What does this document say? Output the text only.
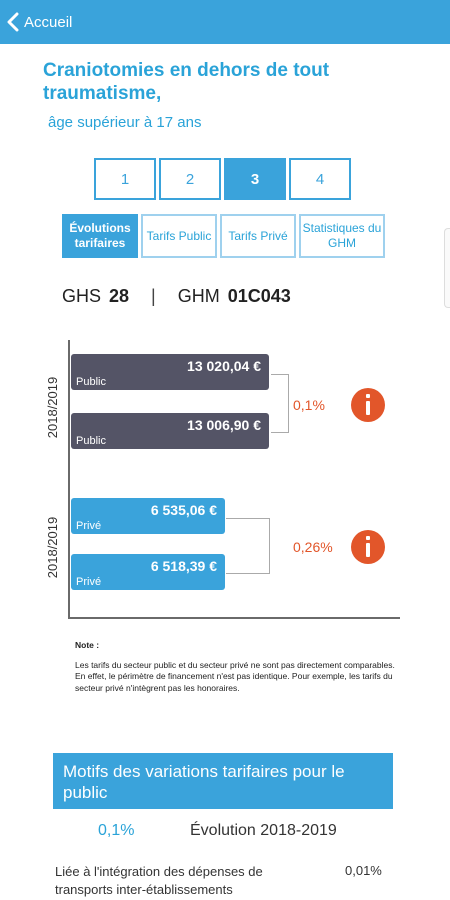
Accueil
Craniotomies en dehors de tout traumatisme,
âge supérieur à 17 ans
1	2	3	4
Évolutions tarifaires
Tarifs Public	Tarifs Privé
Statistiques du GHM
GHS 28 | GHM 01C043
2018/2019
2018/2019
13 020,04 €
Public
13 006,90 €
Public
0,1%
6 535,06 €
Privé
6 518,39 €
Privé
0,26%
Note :
Les tarifs du secteur public et du secteur privé ne sont pas directement comparables. En effet, le périmètre de financement n'est pas identique. Pour exemple, les tarifs du secteur privé n'intègrent pas les honoraires.
Motifs des variations tarifaires pour le public
0,1%	Évolution 2018-2019
Liée à l'intégration des dépenses de transports inter-établissements
0,01%
